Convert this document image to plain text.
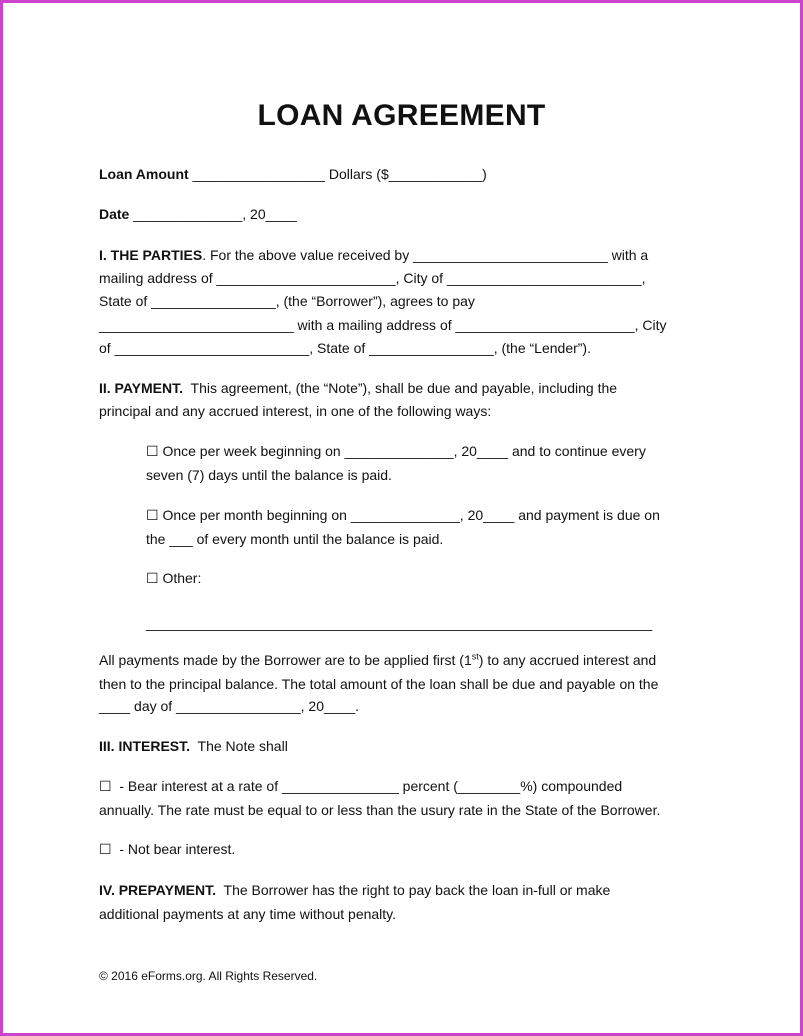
LOAN AGREEMENT
Loan Amount _________________ Dollars ($____________)
Date ______________, 20____
I. THE PARTIES. For the above value received by _________________________ with a
mailing address of _______________________, City of _________________________,
State of ________________, (the “Borrower”), agrees to pay
_________________________ with a mailing address of _______________________, City
of _________________________, State of ________________, (the “Lender”).
II. PAYMENT.  This agreement, (the “Note”), shall be due and payable, including the
principal and any accrued interest, in one of the following ways:
☐ Once per week beginning on ______________, 20____ and to continue every
seven (7) days until the balance is paid.
☐ Once per month beginning on ______________, 20____ and payment is due on
the ___ of every month until the balance is paid.
☐ Other:
_________________________________________________________________
All payments made by the Borrower are to be applied first (1st) to any accrued interest and
then to the principal balance. The total amount of the loan shall be due and payable on the
____ day of ________________, 20____.
III. INTEREST.  The Note shall
☐  - Bear interest at a rate of _______________ percent (________%) compounded
annually. The rate must be equal to or less than the usury rate in the State of the Borrower.
☐  - Not bear interest.
IV. PREPAYMENT.  The Borrower has the right to pay back the loan in-full or make
additional payments at any time without penalty.
© 2016 eForms.org. All Rights Reserved.
